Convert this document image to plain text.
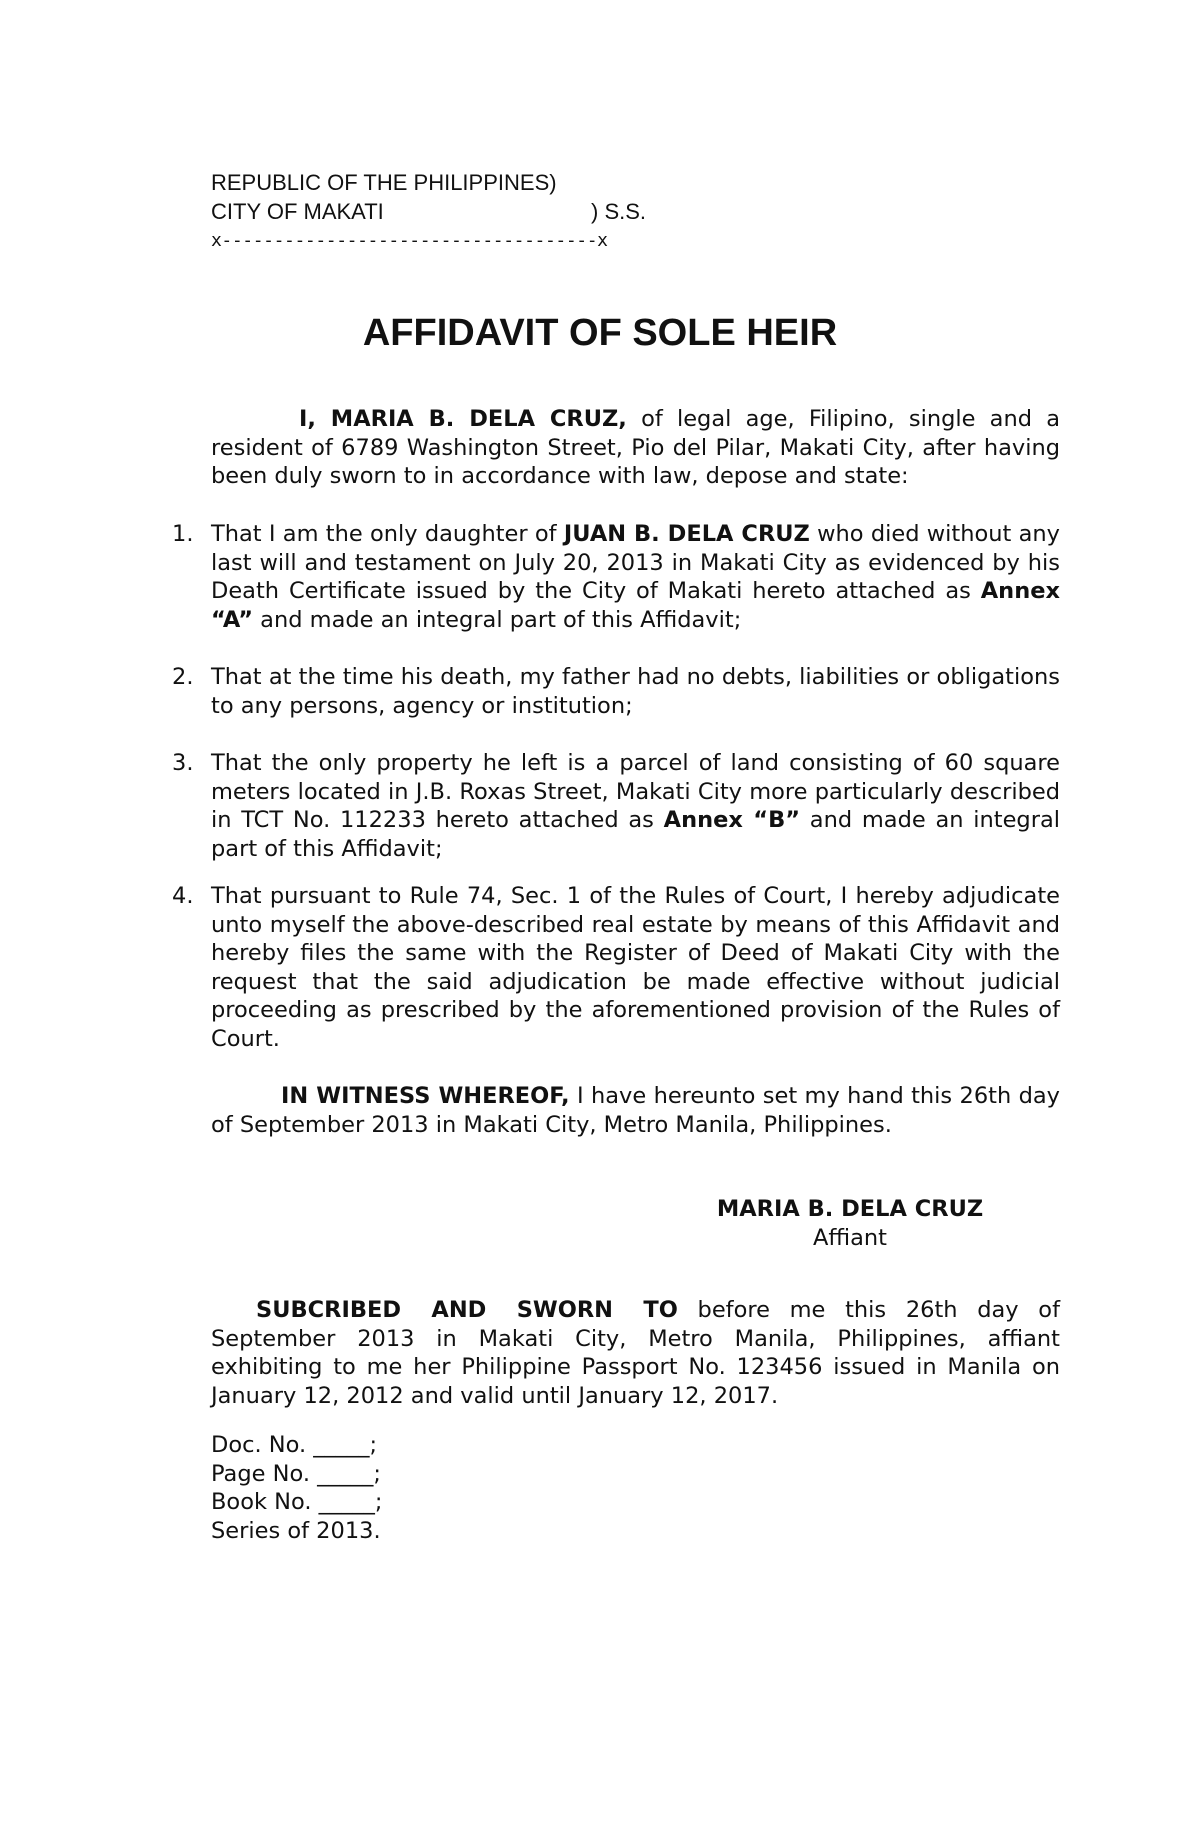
REPUBLIC OF THE PHILIPPINES)
CITY OF MAKATI	) S.S.
x------------------------------------x
AFFIDAVIT OF SOLE HEIR
I, MARIA B. DELA CRUZ, of legal age, Filipino, single and a resident of 6789 Washington Street, Pio del Pilar, Makati City, after having been duly sworn to in accordance with law, depose and state:
1. That I am the only daughter of JUAN B. DELA CRUZ who died without any last will and testament on July 20, 2013 in Makati City as evidenced by his Death Certificate issued by the City of Makati hereto attached as Annex “A” and made an integral part of this Affidavit;
2. That at the time his death, my father had no debts, liabilities or obligations to any persons, agency or institution;
3. That the only property he left is a parcel of land consisting of 60 square meters located in J.B. Roxas Street, Makati City more particularly described in TCT No. 112233 hereto attached as Annex “B” and made an integral part of this Affidavit;
4. That pursuant to Rule 74, Sec. 1 of the Rules of Court, I hereby adjudicate unto myself the above-described real estate by means of this Affidavit and hereby files the same with the Register of Deed of Makati City with the request that the said adjudication be made effective without judicial proceeding as prescribed by the aforementioned provision of the Rules of Court.
IN WITNESS WHEREOF, I have hereunto set my hand this 26th day of September 2013 in Makati City, Metro Manila, Philippines.
MARIA B. DELA CRUZ
Affiant
SUBCRIBED AND SWORN TO before me this 26th day of September 2013 in Makati City, Metro Manila, Philippines, affiant exhibiting to me her Philippine Passport No. 123456 issued in Manila on January 12, 2012 and valid until January 12, 2017.
Doc. No. _____;
Page No. _____;
Book No. _____;
Series of 2013.
